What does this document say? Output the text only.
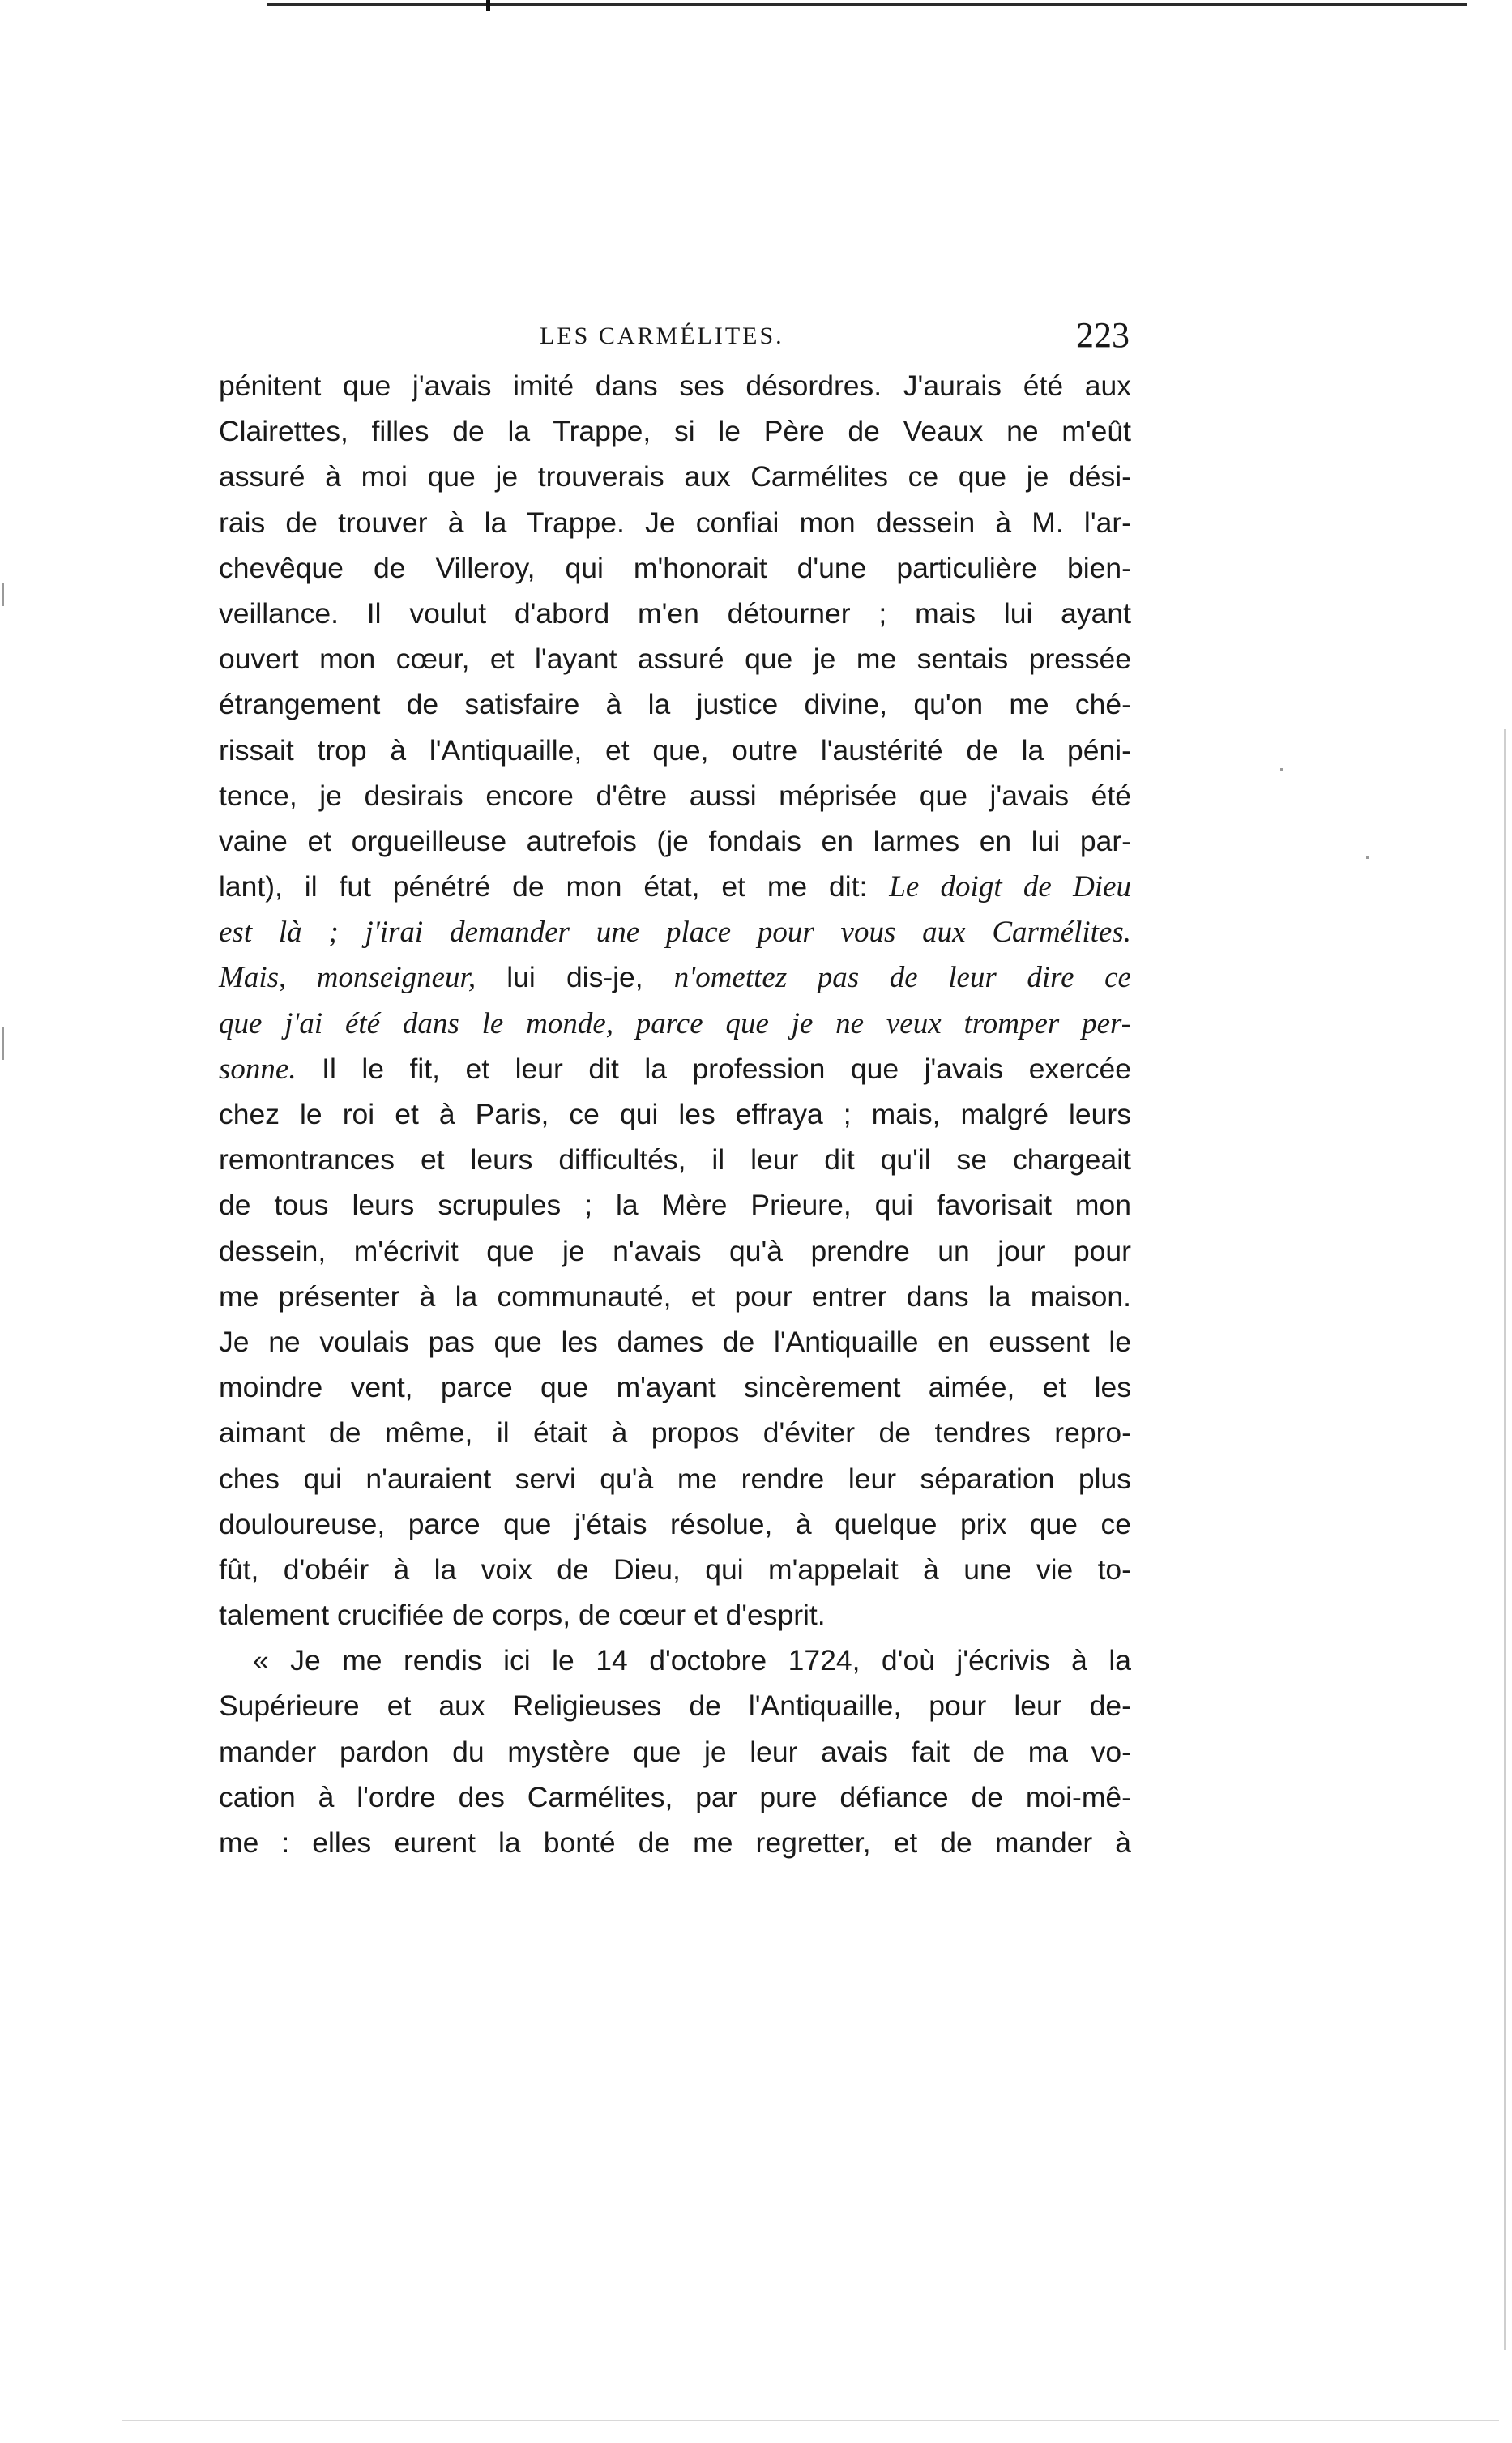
LES CARMÉLITES.	223
pénitent que j'avais imité dans ses désordres. J'aurais été aux
Clairettes, filles de la Trappe, si le Père de Veaux ne m'eût
assuré à moi que je trouverais aux Carmélites ce que je dési-
rais de trouver à la Trappe. Je confiai mon dessein à M. l'ar-
chevêque de Villeroy, qui m'honorait d'une particulière bien-
veillance. Il voulut d'abord m'en détourner ; mais lui ayant
ouvert mon cœur, et l'ayant assuré que je me sentais pressée
étrangement de satisfaire à la justice divine, qu'on me ché-
rissait trop à l'Antiquaille, et que, outre l'austérité de la péni-
tence, je desirais encore d'être aussi méprisée que j'avais été
vaine et orgueilleuse autrefois (je fondais en larmes en lui par-
lant), il fut pénétré de mon état, et me dit: Le doigt de Dieu
est là ; j'irai demander une place pour vous aux Carmélites.
Mais, monseigneur, lui dis-je, n'omettez pas de leur dire ce
que j'ai été dans le monde, parce que je ne veux tromper per-
sonne. Il le fit, et leur dit la profession que j'avais exercée
chez le roi et à Paris, ce qui les effraya ; mais, malgré leurs
remontrances et leurs difficultés, il leur dit qu'il se chargeait
de tous leurs scrupules ; la Mère Prieure, qui favorisait mon
dessein, m'écrivit que je n'avais qu'à prendre un jour pour
me présenter à la communauté, et pour entrer dans la maison.
Je ne voulais pas que les dames de l'Antiquaille en eussent le
moindre vent, parce que m'ayant sincèrement aimée, et les
aimant de même, il était à propos d'éviter de tendres repro-
ches qui n'auraient servi qu'à me rendre leur séparation plus
douloureuse, parce que j'étais résolue, à quelque prix que ce
fût, d'obéir à la voix de Dieu, qui m'appelait à une vie to-
talement crucifiée de corps, de cœur et d'esprit.
« Je me rendis ici le 14 d'octobre 1724, d'où j'écrivis à la
Supérieure et aux Religieuses de l'Antiquaille, pour leur de-
mander pardon du mystère que je leur avais fait de ma vo-
cation à l'ordre des Carmélites, par pure défiance de moi-mê-
me : elles eurent la bonté de me regretter, et de mander à
